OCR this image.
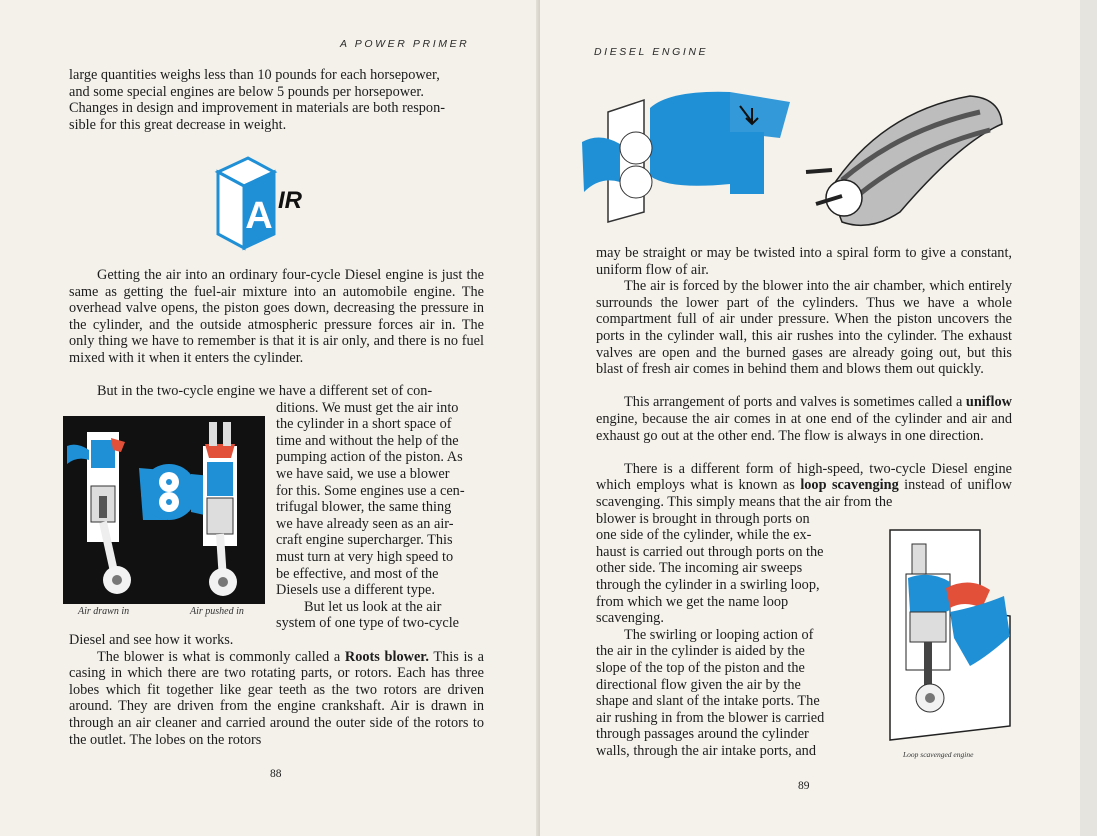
A POWER PRIMER

large quantities weighs less than 10 pounds for each horsepower,

and some special engines are below 5 pounds per horsepower.

Changes in design and improvement in materials are both respon-

sible for this great decrease in weight.

A IR
Getting the air into an ordinary four-cycle Diesel engine is just the same as getting the fuel-air mixture into an automobile engine. The overhead valve opens, the piston goes down, decreasing the pressure in the cylinder, and the outside atmospheric pressure forces air in. The only thing we have to remember is that it is air only, and there is no fuel mixed with it when it enters the cylinder.
But in the two-cycle engine we have a different set of con-
Air drawn in	Air pushed in

ditions. We must get the air into

the cylinder in a short space of

time and without the help of the

pumping action of the piston. As

we have said, we use a blower

for this. Some engines use a cen-

trifugal blower, the same thing

we have already seen as an air-

craft engine supercharger. This

must turn at very high speed to

be effective, and most of the

Diesels use a different type.

But let us look at the air

system of one type of two-cycle

Diesel and see how it works.
The blower is what is commonly called a Roots blower. This is a casing in which there are two rotating parts, or rotors. Each has three lobes which fit together like gear teeth as the two rotors are driven around. They are driven from the engine crankshaft. Air is drawn in through an air cleaner and carried around the outer side of the rotors to the outlet. The lobes on the rotors
88
DIESEL ENGINE
may be straight or may be twisted into a spiral form to give a constant, uniform flow of air.
The air is forced by the blower into the air chamber, which entirely surrounds the lower part of the cylinders. Thus we have a whole compartment full of air under pressure. When the piston uncovers the ports in the cylinder wall, this air rushes into the cylinder. The exhaust valves are open and the burned gases are already going out, but this blast of fresh air comes in behind them and blows them out quickly.
This arrangement of ports and valves is sometimes called a uniflow engine, because the air comes in at one end of the cylinder and air and exhaust go out at the other end. The flow is always in one direction.
There is a different form of high-speed, two-cycle Diesel engine which employs what is known as loop scavenging instead of uniflow scavenging. This simply means that the air from the

blower is brought in through ports on

one side of the cylinder, while the ex-

haust is carried out through ports on the

other side. The incoming air sweeps

through the cylinder in a swirling loop,

from which we get the name loop

scavenging.

The swirling or looping action of

the air in the cylinder is aided by the

slope of the top of the piston and the

directional flow given the air by the

shape and slant of the intake ports. The

air rushing in from the blower is carried

through passages around the cylinder

walls, through the air intake ports, and	Loop scavenged engine
89
